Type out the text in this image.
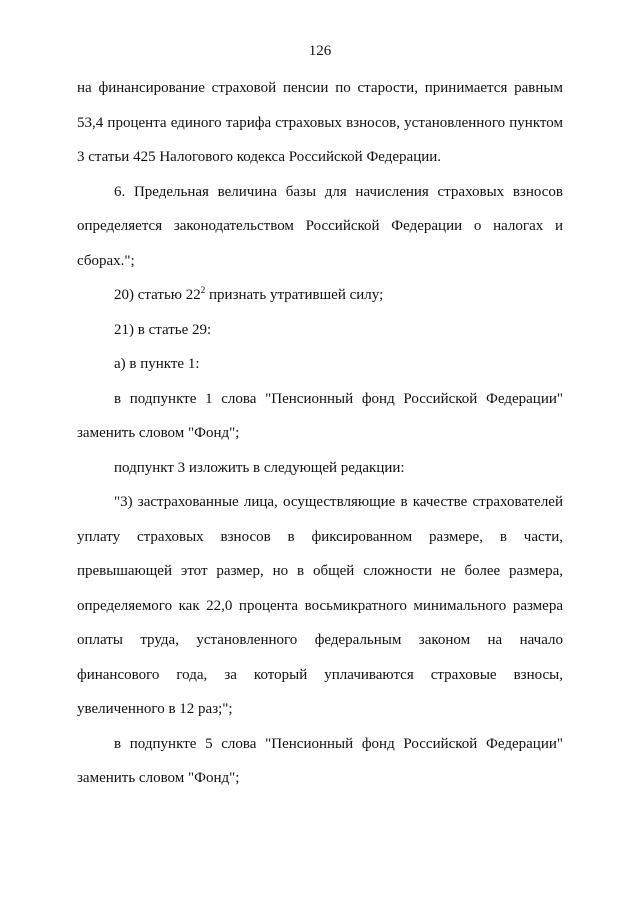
126
на финансирование страховой пенсии по старости, принимается равным
53,4 процента единого тарифа страховых взносов, установленного пунктом
3 статьи 425 Налогового кодекса Российской Федерации.
6. Предельная величина базы для начисления страховых взносов
определяется законодательством Российской Федерации о налогах и
сборах.";
20) статью $22^2$ признать утратившей силу;
21) в статье 29:
а) в пункте 1:
в подпункте 1 слова "Пенсионный фонд Российской Федерации"
заменить словом "Фонд";
подпункт 3 изложить в следующей редакции:
"3) застрахованные лица, осуществляющие в качестве страхователей
уплату страховых взносов в фиксированном размере, в части,
превышающей этот размер, но в общей сложности не более размера,
определяемого как 22,0 процента восьмикратного минимального размера
оплаты труда, установленного федеральным законом на начало
финансового года, за который уплачиваются страховые взносы,
увеличенного в 12 раз;";
в подпункте 5 слова "Пенсионный фонд Российской Федерации"
заменить словом "Фонд";
